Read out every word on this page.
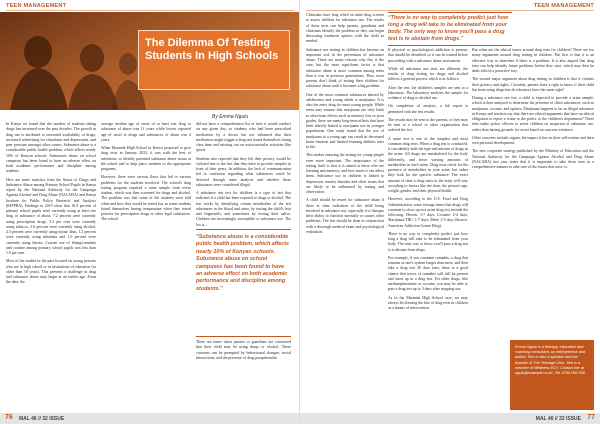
TEEN MANAGEMENT
The Dilemma Of Testing Students In High Schools
By Emma Ngulu

In Kenya we found that the number of students taking drugs has increased over the past decades. The growth in drug use is attributed to increased availability of drugs, increased advertising for stimulants and depressants, and peer pressure amongst other causes. Substance abuse is a considerable public health problem, which affects nearly 10% of Kenyan schools. Substances abuse on school campuses has been found to have an adverse effect on both academic performance and discipline among students.

Here are some statistics from the Status of Drugs and Substance Abuse among Primary School Pupils in Kenya report by the National Authority for the Campaign Against Alcohol and Drug Abuse (NACADA) and Kenya Institute for Public Policy Research and Analysis (KIPPRA). Findings in 2019 show that 16.9 percent of primary school pupils were currently using at least one drug or substance of abuse, 7.2 percent were currently using prescription drugs, 3.2 per cent were currently using tobacco, 2.6 percent were currently using alcohol, 2.3 percent were currently using miraa/ khat, 1.2 percent were currently using inhalants and 1.0 percent were currently using heroin. Current use of bhang/cannabis and cocaine among primary school pupils was less than 1.0 per cent.

Most of the studies in the past focused on young persons who are in high school or in institutions of education (or older than 18 years). This presents a challenge as drug and substance abuse may begin at an earlier age. From the data, the

average median age of onset of at least one drug or substance of abuse was 11 years while lowest reported age of onset to drugs and substances of abuse was 4 years.

When Maranda High School in Kenya proposed to give drug tests in January 2022, it was with the best of intentions: to identify potential substance abuse issues at the school and to help place students to the appropriate programs.

However, there were serious flaws that led to various problems for the students involved. The school's drug testing program required a urine sample from every student, which was then screened for drugs and alcohol. The problem was that some of the students were told when and how they would be tested but, as some students found themselves having temperature when they tested positive for prescription drugs or other legal substances. The school

did not have a comprehensive list of tests it would conduct on any given day, so students who had been prescribed medication by a doctor but not informed that their medication might trigger a drug test found themselves losing class time and missing out on extracurricular activities like sports.

Students also reported that they felt their privacy would be violated due to the fact that they have to provide samples in front of their peers. In addition, the lack of communication led to confusion regarding what substances could be detected through urine analysis and whether these substances were considered illegal.

A substance use test for children is a type of test that indicates if a child has been exposed to drugs or alcohol. The test works by identifying certain metabolites of the test substances in the blood and urine, by testing the child's hair and fingernails, and sometimes by testing their saliva. Children are increasingly susceptible to substance use. The list is...

“Substance abuse is a considerable public health problem, which affects nearly 10% of Kenyan schools. Substance abuse on school campuses has been found to have an adverse effect on both academic performance and discipline among students.”

There are times when parents or guardians are concerned that their child may be using drugs or alcohol. These concerns can be prompted by behavioural changes, social interactions, and the presence of drug paraphernalia.

76 MAL 46 // 32 ISSUE
TEEN MANAGEMENT

Clinicians have long relied on urine drug screens to assess children for substance use. The results of these tests can help parents, guardians and clinicians identify the problem so they can begin discussing treatment options with the child as needed.

Substance use testing in children has become an important tool in the prevention of substance abuse. There are many reasons why this is the case, but the most significant factor is that substance abuse is more common among teens than it was in previous generations. Thus, most parents don't think of testing their children for substance abuse until it becomes a big problem.

One of the most common substances abused by adolescents and young adults is marijuana. It is also the entry drug for most young people. While teens may assume that marijuana use only leads to short-term effects such as memory loss or poor grades, there are many long-term effects that have been directly linked to marijuana use in younger populations. One study found that the use of marijuana at a young age can result in decreased brain function and limited learning abilities later in life.

This makes ensuring the testing for young people even more important. The importance of the testing itself is that it is aimed at those who are learning and memory, and how much it can affect them. Substance use in children is linked to depression, anxiety disorder and other issues that are likely to be influenced by testing and observation.

A child should be tested for substance abuse if there is clear indication of the child being involved in substance use, especially if it disrupts their ability to function normally or causes other problems. The test should be done in conjunction with a thorough medical exam and psychological evaluation.

“There is no way to completely predict just how long a drug will take to be eliminated from your body. The only way to know you'll pass a drug test is to abstain from drugs.”

If physical or psychological addiction is present, that should be identified so it can be treated before proceeding with a substance abuse assessment.

While all substance use tests are different, the results of drug testing for drugs and alcohol follows a general process which is as follows:

After the test, the children's samples are sent to a laboratory. The laboratory analyses the sample for evidence of drug or alcohol use.

On completion of analysis, a lab report is generated with the test results.

The results may be sent to the parents, or they may be sent to a school or other organization that ordered the test.

A urine test is one of the simplest and most common drug tests. When a drug test is conducted, it can identify both the type and amount of drugs in the urine. All drugs are metabolized by the body differently, and leave varying amounts of metabolites in one's urine. Drug tests check for the presence of metabolites in your urine, but rather they look for the specific substance. The exact amount of time a drug stays in the body will vary according to factors like the dose, the person's age, weight, gender, and their physical health.

However, according to the U.S. Food and Drug Administration, some average times that drugs will continue to show up in a urine drug test include the following: Heroin: 3-7 days, Cocaine: 2-4 days, Marijuana/THC: 1-7 days, Meth: 2-5 days (Source: American Addiction Centre Blog).

There is no way to completely predict just how long a drug will take to be eliminated from your body. The only way to know you'll pass a drug test is to abstain from drugs.

For example, if you consume cannabis, a drug that remains in one's system longer than most, and then take a drug test 30 days later, there is a good chance that traces of cannabis will still be present and show up in a drug test. For other drugs, like methamphetamine or cocaine, you may be able to pass a drug test up to 3 days after stopping use.

As in the Maranda High School case, we may always be drawing the line of drug tests in children as a means of intervention.

But when are the ethical issues around drug tests for children? There are too many arguments around drug testing in children. The first is that it is an effective way to intervene if there is a problem. It is also argued that drug tests can help identify future problems before they start, which may then be dealt with in a proactive way.

The second major argument about drug testing in children is that it violates their privacy and rights. Certainly, parents have a right to know if their child has been using drugs but do educators have the same right?

During a substance use test, a child is expected to provide a urine sample, which is then analysed to determine the presence of illicit substances, such as marijuana, cocaine, and opiates. Marijuana happens to be an illegal substance in Kenya and teachers say that there are ethical arguments that have an ethical obligation to report a crime to the police or the children's department? These tests make police officers to arrest children on suspicion of substance use, rather than having grounds for arrest based on concrete evidence.

Other concerns include stigma, the impact it has on their self-esteem and their own personal development.

The new corporate strategy published by the Ministry of Education and the National Authority for the Campaign Against Alcohol and Drug Abuse (NACADA) last year states that it is important to take these tests in a comprehensive manner to take care of the issues that arise, to

Emma Ngulu is a therapy, education and coaching consultant, an entrepreneur and author. She is also a speaker and the founder of The Teenage Club. She is a member of Wellness ECY. Contact her at ngulu@example.co.ke. Tel: 0700 000 000
MAL 46 // 32 ISSUE 77
